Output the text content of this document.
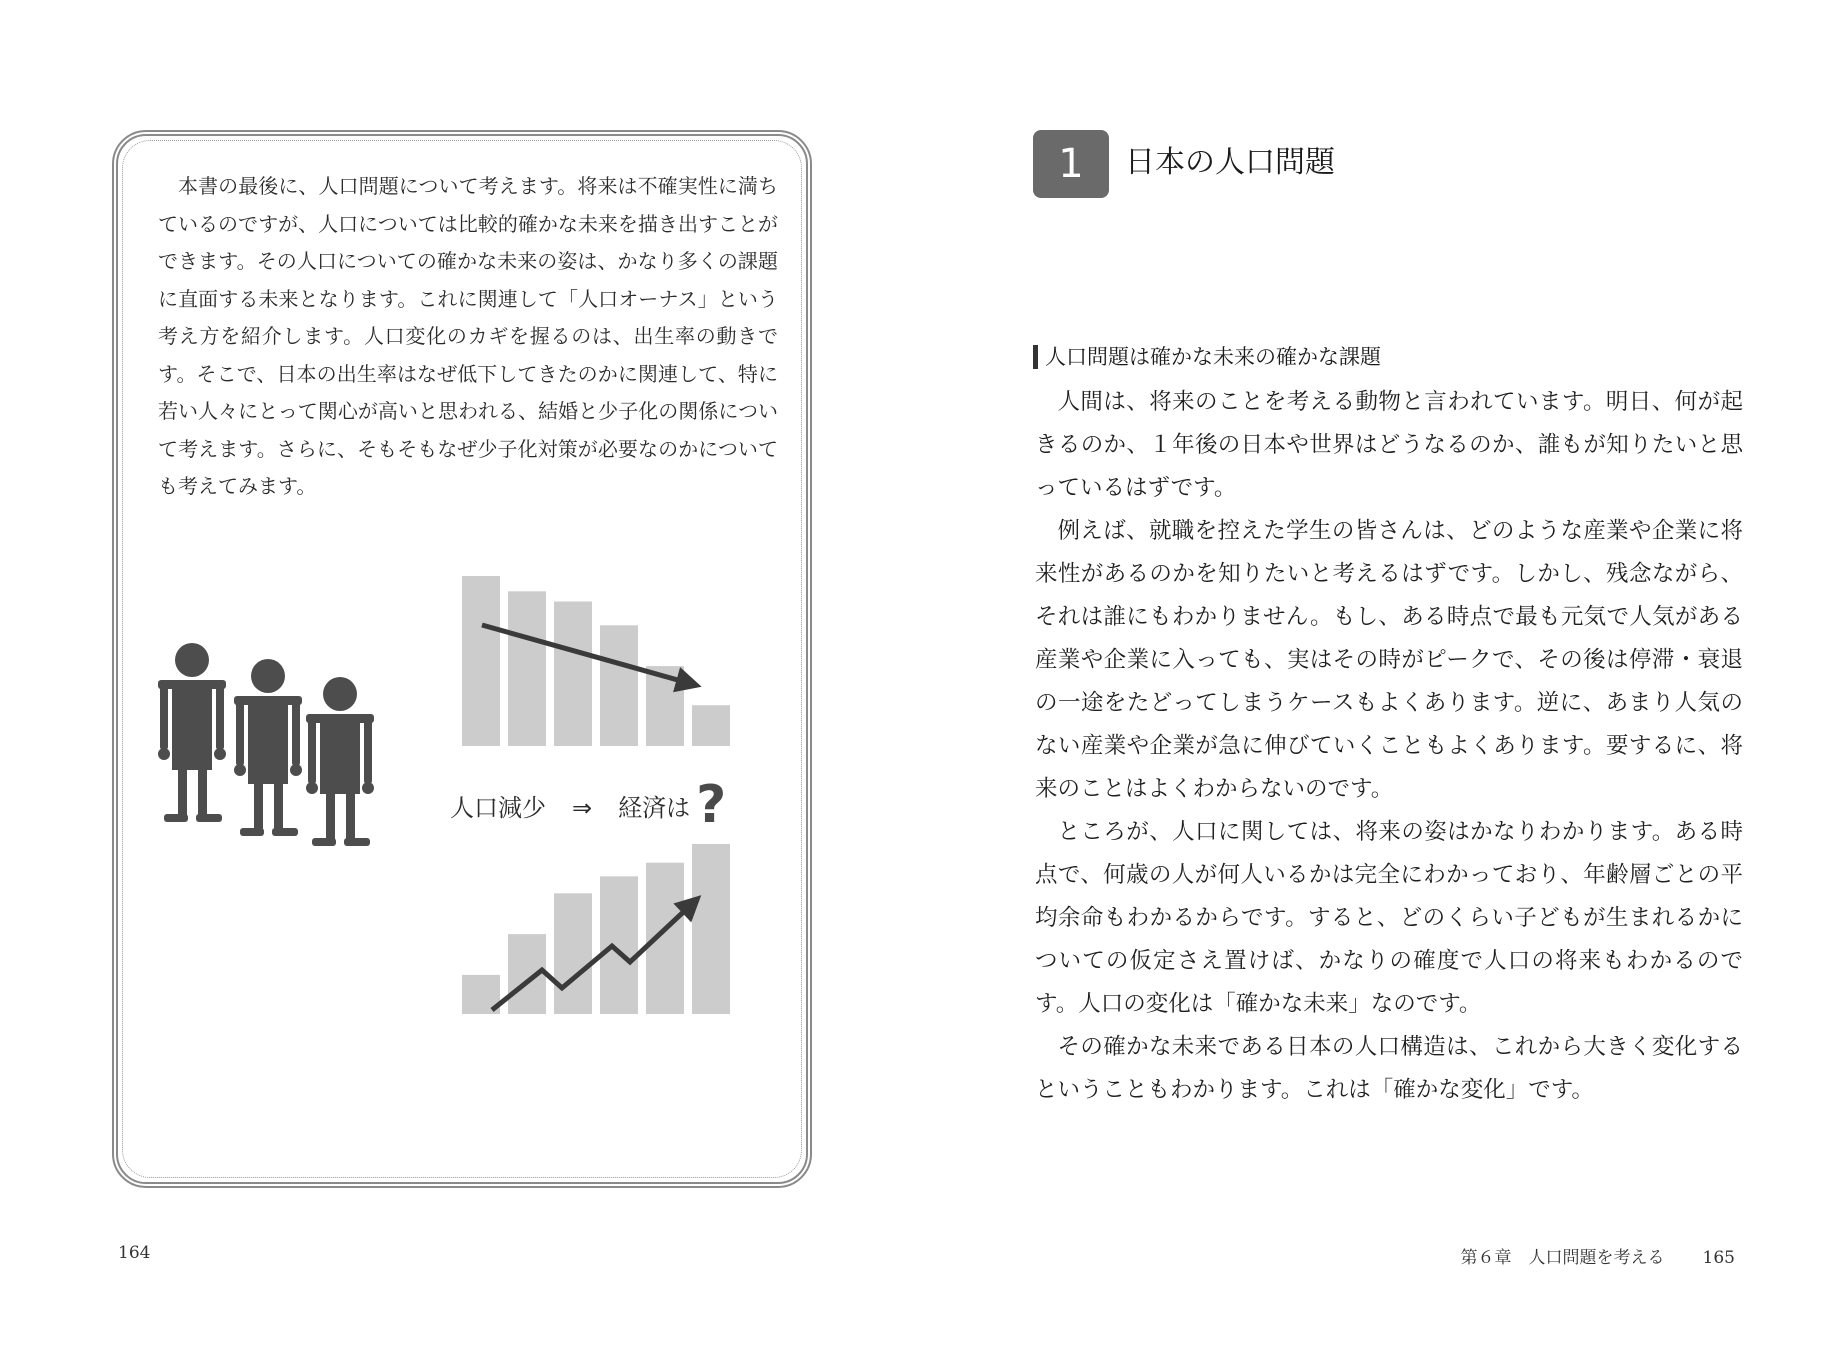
本書の最後に、人口問題について考えます。将来は不確実性に満ちているのですが、人口については比較的確かな未来を描き出すことができます。その人口についての確かな未来の姿は、かなり多くの課題に直面する未来となります。これに関連して「人口オーナス」という考え方を紹介します。人口変化のカギを握るのは、出生率の動きです。そこで、日本の出生率はなぜ低下してきたのかに関連して、特に若い人々にとって関心が高いと思われる、結婚と少子化の関係について考えます。さらに、そもそもなぜ少子化対策が必要なのかについても考えてみます。

人口減少 ⇒ 経済は ?
164
1	日本の人口問題
人口問題は確かな未来の確かな課題

人間は、将来のことを考える動物と言われています。明日、何が起きるのか、１年後の日本や世界はどうなるのか、誰もが知りたいと思っているはずです。

例えば、就職を控えた学生の皆さんは、どのような産業や企業に将来性があるのかを知りたいと考えるはずです。しかし、残念ながら、それは誰にもわかりません。もし、ある時点で最も元気で人気がある産業や企業に入っても、実はその時がピークで、その後は停滞・衰退の一途をたどってしまうケースもよくあります。逆に、あまり人気のない産業や企業が急に伸びていくこともよくあります。要するに、将来のことはよくわからないのです。

ところが、人口に関しては、将来の姿はかなりわかります。ある時点で、何歳の人が何人いるかは完全にわかっており、年齢層ごとの平均余命もわかるからです。すると、どのくらい子どもが生まれるかについての仮定さえ置けば、かなりの確度で人口の将来もわかるのです。人口の変化は「確かな未来」なのです。

その確かな未来である日本の人口構造は、これから大きく変化するということもわかります。これは「確かな変化」です。

第６章　人口問題を考える 165
